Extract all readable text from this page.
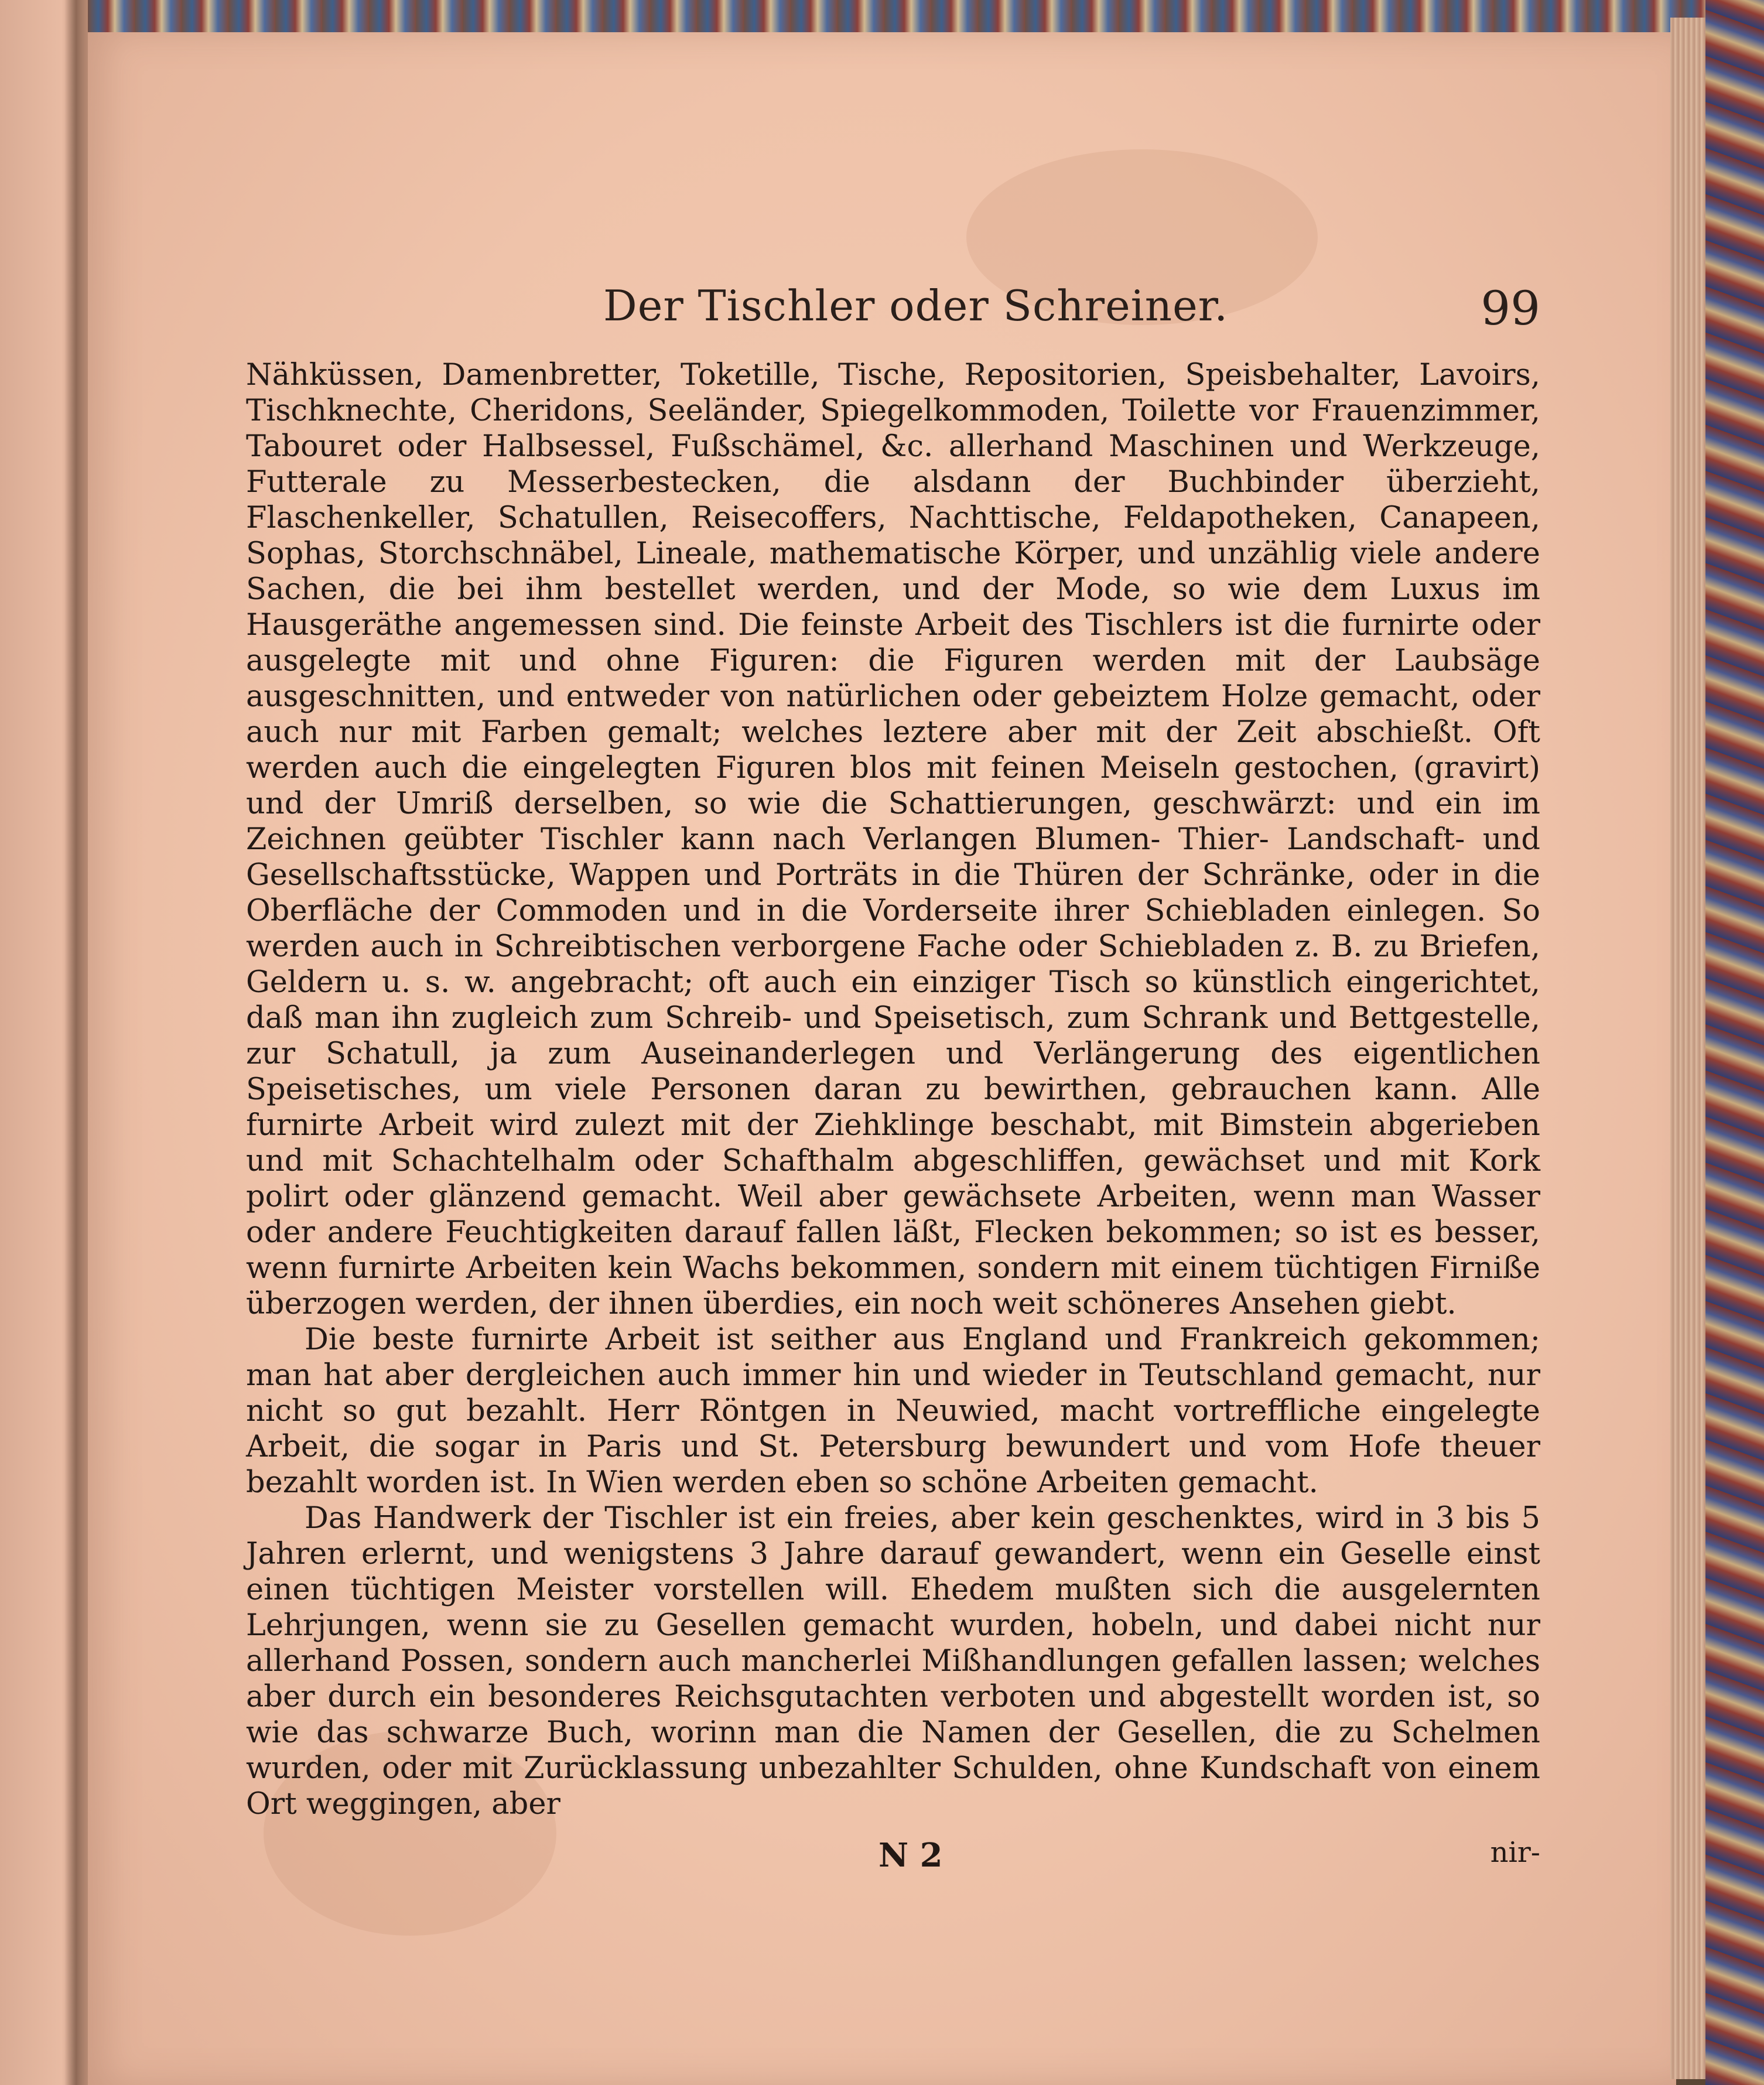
Der Tischler oder Schreiner.	99

Nähküssen, Damenbretter, Toketille, Tische, Repositorien, Speisbehalter, Lavoirs, Tischknechte, Cheridons, Seeländer, Spiegelkommoden, Toilette vor Frauenzimmer, Tabouret oder Halbsessel, Fußschämel, &c. allerhand Maschinen und Werkzeuge, Futterale zu Messerbestecken, die alsdann der Buchbinder überzieht, Flaschenkeller, Schatullen, Reisecoffers, Nachttische, Feldapotheken, Canapeen, Sophas, Storchschnäbel, Lineale, mathematische Körper, und unzählig viele andere Sachen, die bei ihm bestellet werden, und der Mode, so wie dem Luxus im Hausgeräthe angemessen sind. Die feinste Arbeit des Tischlers ist die furnirte oder ausgelegte mit und ohne Figuren: die Figuren werden mit der Laubsäge ausgeschnitten, und entweder von natürlichen oder gebeiztem Holze gemacht, oder auch nur mit Farben gemalt; welches leztere aber mit der Zeit abschießt. Oft werden auch die eingelegten Figuren blos mit feinen Meiseln gestochen, (gravirt) und der Umriß derselben, so wie die Schattierungen, geschwärzt: und ein im Zeichnen geübter Tischler kann nach Verlangen Blumen- Thier- Landschaft- und Gesellschaftsstücke, Wappen und Porträts in die Thüren der Schränke, oder in die Oberfläche der Commoden und in die Vorderseite ihrer Schiebladen einlegen. So werden auch in Schreibtischen verborgene Fache oder Schiebladen z. B. zu Briefen, Geldern u. s. w. angebracht; oft auch ein einziger Tisch so künstlich eingerichtet, daß man ihn zugleich zum Schreib- und Speisetisch, zum Schrank und Bettgestelle, zur Schatull, ja zum Auseinanderlegen und Verlängerung des eigentlichen Speisetisches, um viele Personen daran zu bewirthen, gebrauchen kann. Alle furnirte Arbeit wird zulezt mit der Ziehklinge beschabt, mit Bimstein abgerieben und mit Schachtelhalm oder Schafthalm abgeschliffen, gewächset und mit Kork polirt oder glänzend gemacht. Weil aber gewächsete Arbeiten, wenn man Wasser oder andere Feuchtigkeiten darauf fallen läßt, Flecken bekommen; so ist es besser, wenn furnirte Arbeiten kein Wachs bekommen, sondern mit einem tüchtigen Firniße überzogen werden, der ihnen überdies, ein noch weit schöneres Ansehen giebt.

Die beste furnirte Arbeit ist seither aus England und Frankreich gekommen; man hat aber dergleichen auch immer hin und wieder in Teutschland gemacht, nur nicht so gut bezahlt. Herr Röntgen in Neuwied, macht vortreffliche eingelegte Arbeit, die sogar in Paris und St. Petersburg bewundert und vom Hofe theuer bezahlt worden ist. In Wien werden eben so schöne Arbeiten gemacht.

Das Handwerk der Tischler ist ein freies, aber kein geschenktes, wird in 3 bis 5 Jahren erlernt, und wenigstens 3 Jahre darauf gewandert, wenn ein Geselle einst einen tüchtigen Meister vorstellen will. Ehedem mußten sich die ausgelernten Lehrjungen, wenn sie zu Gesellen gemacht wurden, hobeln, und dabei nicht nur allerhand Possen, sondern auch mancherlei Mißhandlungen gefallen lassen; welches aber durch ein besonderes Reichsgutachten verboten und abgestellt worden ist, so wie das schwarze Buch, worinn man die Namen der Gesellen, die zu Schelmen wurden, oder mit Zurücklassung unbezahlter Schulden, ohne Kundschaft von einem Ort weggingen, aber

N 2	nir-
